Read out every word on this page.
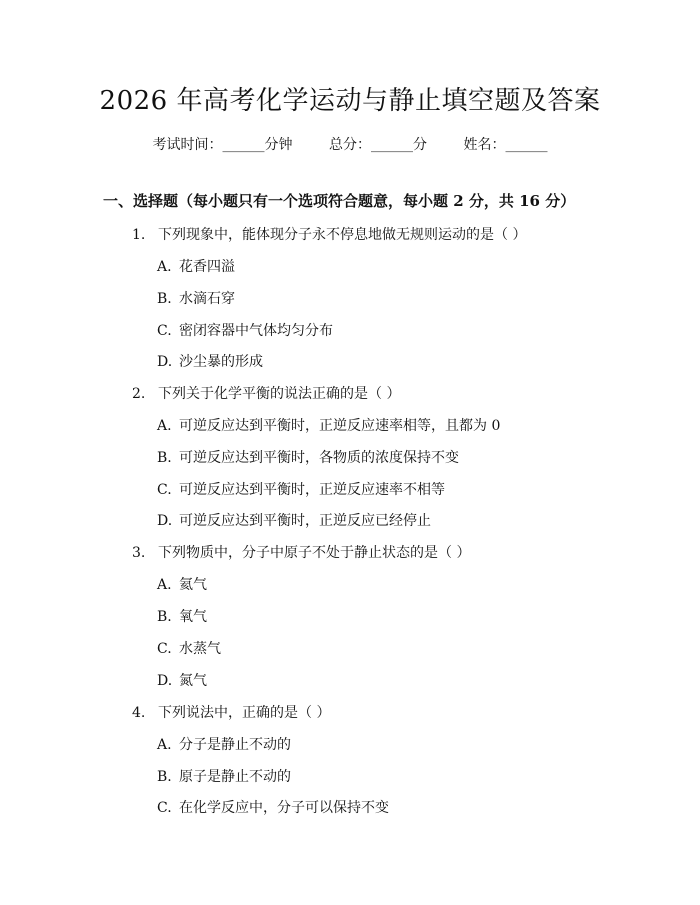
2026 年高考化学运动与静止填空题及答案
考试时间：______分钟	总分：______分	姓名：______
一、选择题（每小题只有一个选项符合题意，每小题 2 分，共 16 分）
1. 下列现象中，能体现分子永不停息地做无规则运动的是（ ）
A. 花香四溢
B. 水滴石穿
C. 密闭容器中气体均匀分布
D. 沙尘暴的形成
2. 下列关于化学平衡的说法正确的是（ ）
A. 可逆反应达到平衡时，正逆反应速率相等，且都为 0
B. 可逆反应达到平衡时，各物质的浓度保持不变
C. 可逆反应达到平衡时，正逆反应速率不相等
D. 可逆反应达到平衡时，正逆反应已经停止
3. 下列物质中，分子中原子不处于静止状态的是（ ）
A. 氦气
B. 氧气
C. 水蒸气
D. 氮气
4. 下列说法中，正确的是（ ）
A. 分子是静止不动的
B. 原子是静止不动的
C. 在化学反应中，分子可以保持不变
